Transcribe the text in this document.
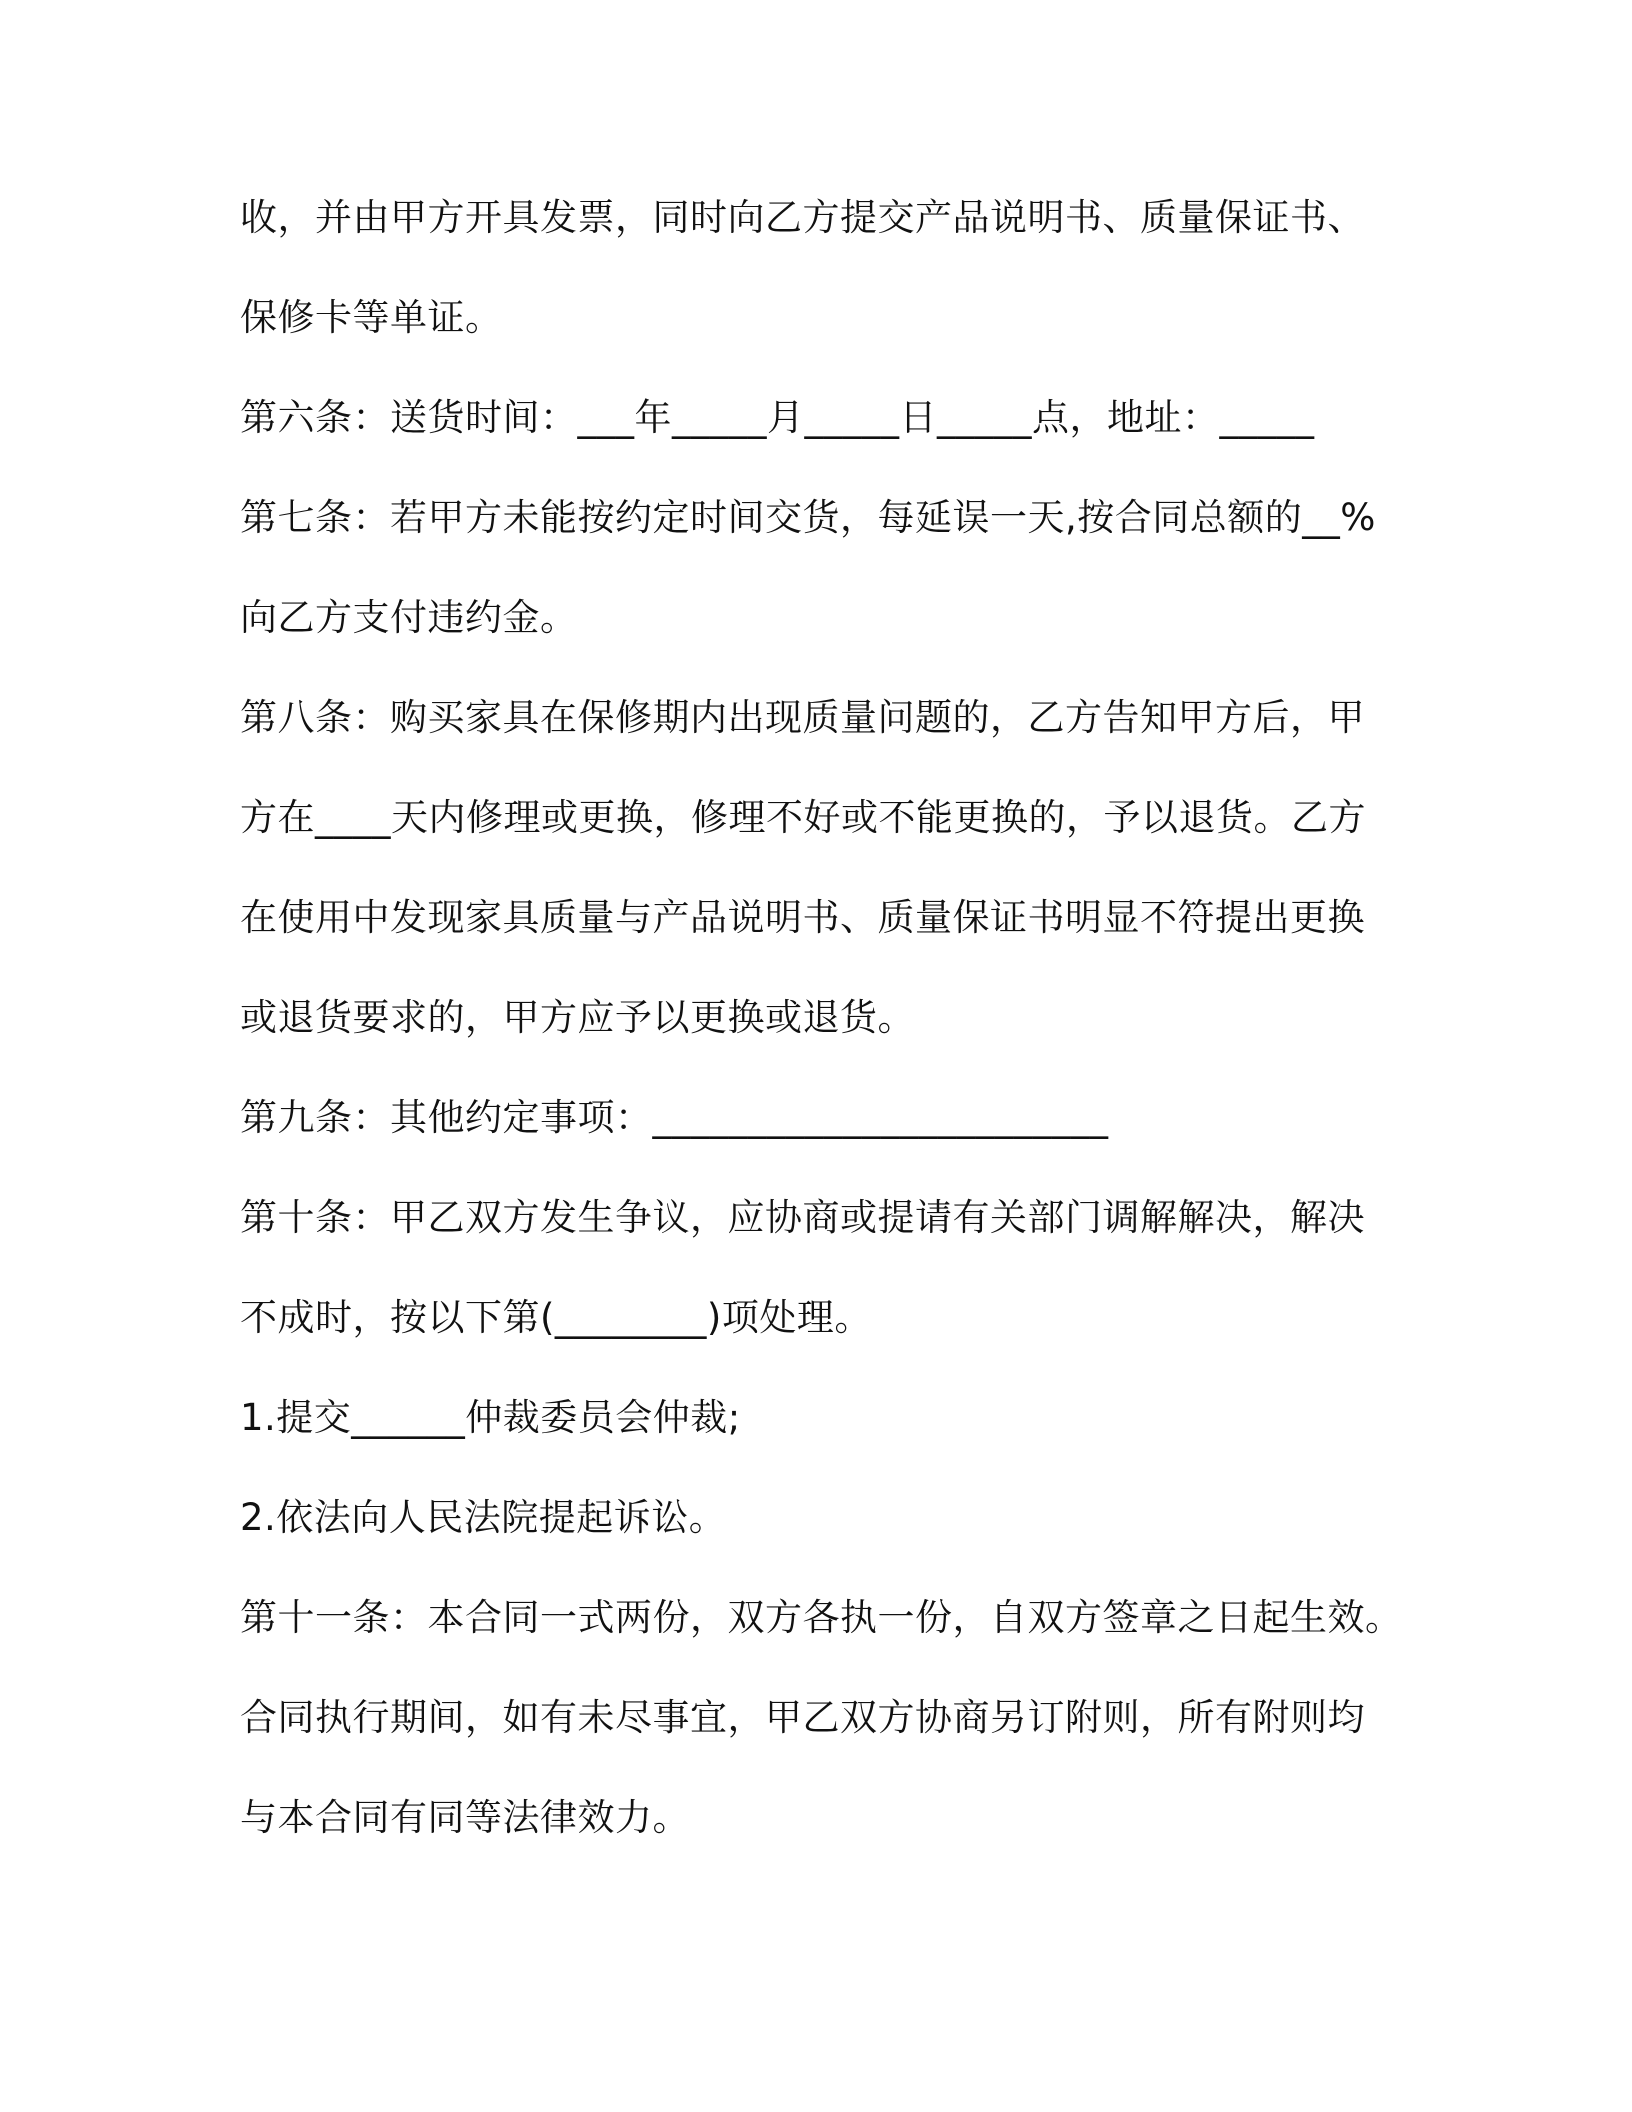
收，并由甲方开具发票，同时向乙方提交产品说明书、质量保证书、
保修卡等单证。
第六条：送货时间：___年_____月_____日_____点，地址：_____
第七条：若甲方未能按约定时间交货，每延误一天,按合同总额的__%
向乙方支付违约金。
第八条：购买家具在保修期内出现质量问题的，乙方告知甲方后，甲
方在____天内修理或更换，修理不好或不能更换的，予以退货。乙方
在使用中发现家具质量与产品说明书、质量保证书明显不符提出更换
或退货要求的，甲方应予以更换或退货。
第九条：其他约定事项：________________________
第十条：甲乙双方发生争议，应协商或提请有关部门调解解决，解决
不成时，按以下第(________)项处理。
1.提交______仲裁委员会仲裁;
2.依法向人民法院提起诉讼。
第十一条：本合同一式两份，双方各执一份，自双方签章之日起生效。
合同执行期间，如有未尽事宜，甲乙双方协商另订附则，所有附则均
与本合同有同等法律效力。
